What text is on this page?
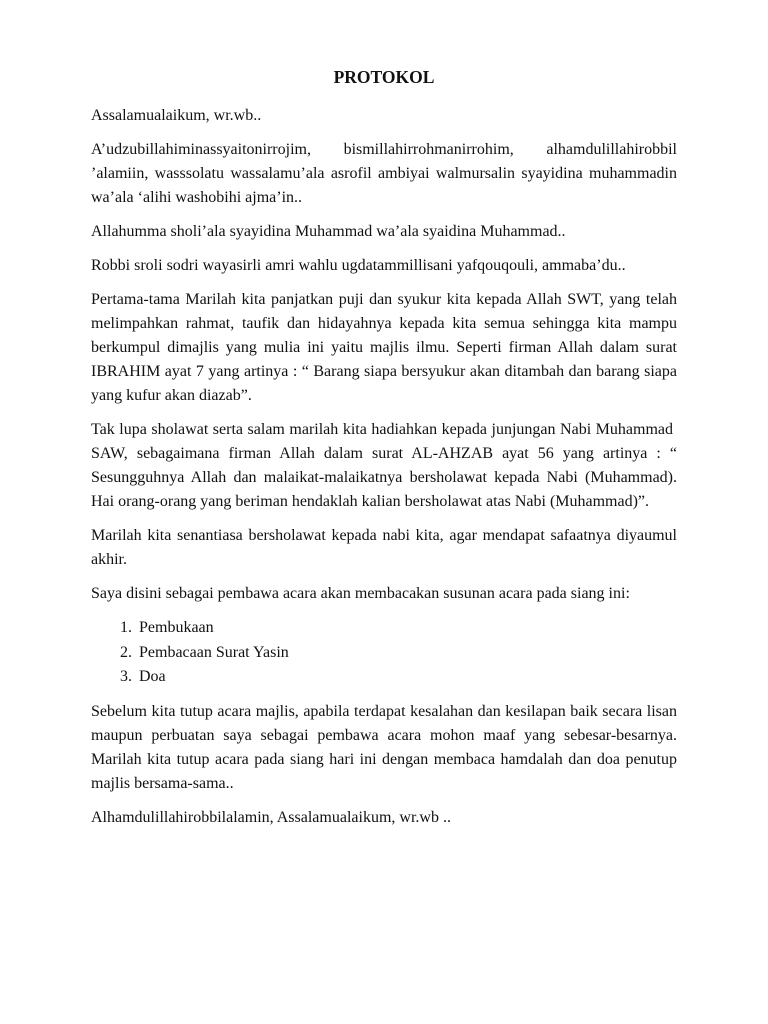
PROTOKOL

Assalamualaikum, wr.wb..

A’udzubillahiminassyaitonirrojim, bismillahirrohmanirrohim, alhamdulillahirobbil ’alamiin, wasssolatu wassalamu’ala asrofil ambiyai walmursalin syayidina muhammadin wa’ala ‘alihi washobihi ajma’in..

Allahumma sholi’ala syayidina Muhammad wa’ala syaidina Muhammad..

Robbi sroli sodri wayasirli amri wahlu ugdatammillisani yafqouqouli, ammaba’du..

Pertama-tama Marilah kita panjatkan puji dan syukur kita kepada Allah SWT, yang telah melimpahkan rahmat, taufik dan hidayahnya kepada kita semua sehingga kita mampu berkumpul dimajlis yang mulia ini yaitu majlis ilmu. Seperti firman Allah dalam surat IBRAHIM ayat 7 yang artinya : “ Barang siapa bersyukur akan ditambah dan barang siapa yang kufur akan diazab”.

Tak lupa sholawat serta salam marilah kita hadiahkan kepada junjungan Nabi Muhammad  SAW, sebagaimana firman Allah dalam surat AL-AHZAB ayat 56 yang artinya : “ Sesungguhnya Allah dan malaikat-malaikatnya bersholawat kepada Nabi (Muhammad). Hai orang-orang yang beriman hendaklah kalian bersholawat atas Nabi (Muhammad)”.

Marilah kita senantiasa bersholawat kepada nabi kita, agar mendapat safaatnya diyaumul akhir.

Saya disini sebagai pembawa acara akan membacakan susunan acara pada siang ini:

1. Pembukaan
2. Pembacaan Surat Yasin
3. Doa

Sebelum kita tutup acara majlis, apabila terdapat kesalahan dan kesilapan baik secara lisan maupun perbuatan saya sebagai pembawa acara mohon maaf yang sebesar-besarnya. Marilah kita tutup acara pada siang hari ini dengan membaca hamdalah dan doa penutup majlis bersama-sama..

Alhamdulillahirobbilalamin, Assalamualaikum, wr.wb ..
